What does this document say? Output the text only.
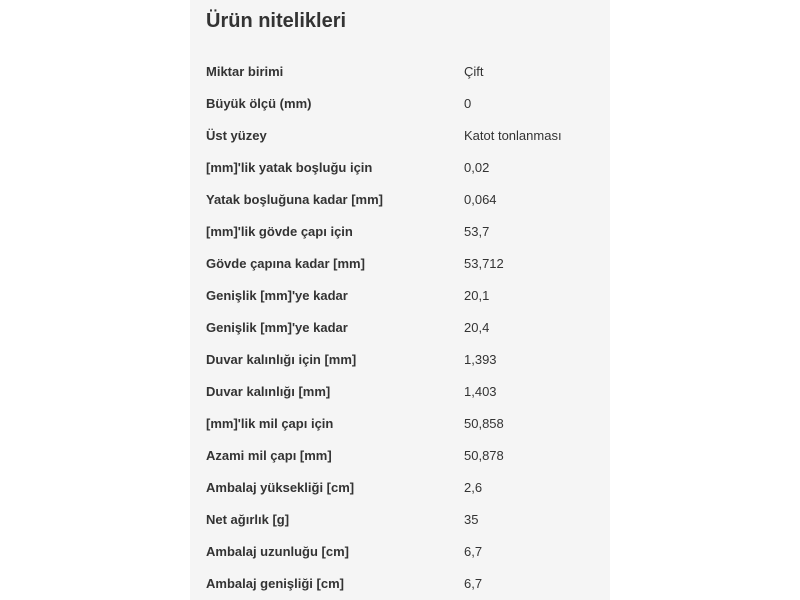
Ürün nitelikleri
Miktar birimi	Çift
Büyük ölçü (mm)	0
Üst yüzey	Katot tonlanması
[mm]'lik yatak boşluğu için	0,02
Yatak boşluğuna kadar [mm]	0,064
[mm]'lik gövde çapı için	53,7
Gövde çapına kadar [mm]	53,712
Genişlik [mm]'ye kadar	20,1
Genişlik [mm]'ye kadar	20,4
Duvar kalınlığı için [mm]	1,393
Duvar kalınlığı [mm]	1,403
[mm]'lik mil çapı için	50,858
Azami mil çapı [mm]	50,878
Ambalaj yüksekliği [cm]	2,6
Net ağırlık [g]	35
Ambalaj uzunluğu [cm]	6,7
Ambalaj genişliği [cm]	6,7
